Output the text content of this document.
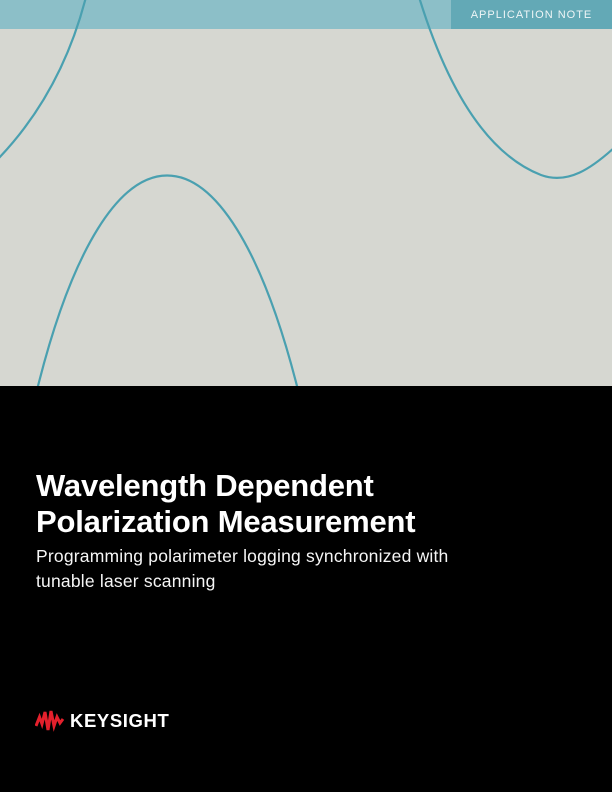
APPLICATION NOTE
Wavelength Dependent
Polarization Measurement
Programming polarimeter logging synchronized with
tunable laser scanning
KEYSIGHT
